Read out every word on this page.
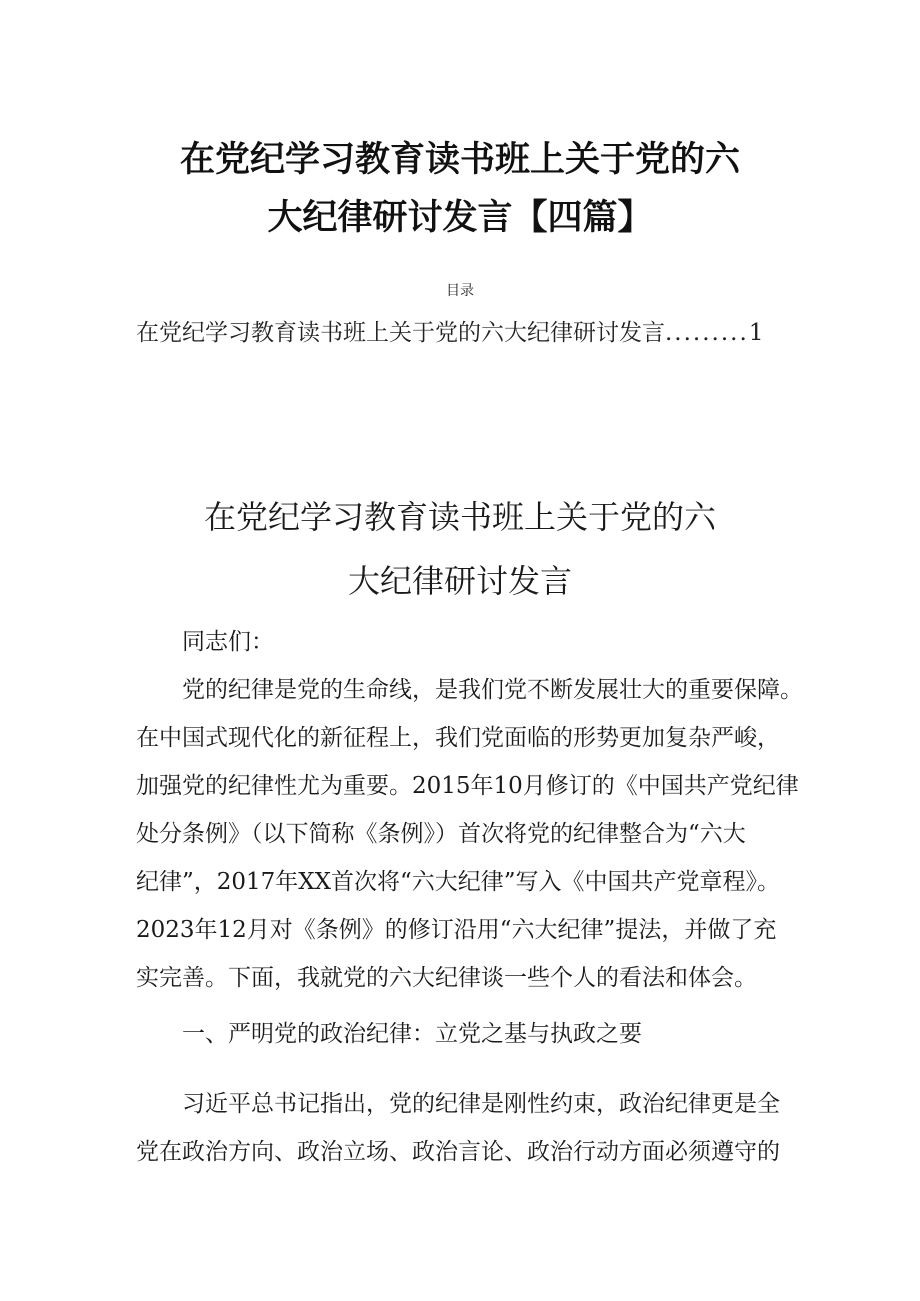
在党纪学习教育读书班上关于党的六
大纪律研讨发言【四篇】
目录
在党纪学习教育读书班上关于党的六大纪律研讨发言 ......... 1
在党纪学习教育读书班上关于党的六
大纪律研讨发言
同志们：
党的纪律是党的生命线，是我们党不断发展壮大的重要保障。
在中国式现代化的新征程上，我们党面临的形势更加复杂严峻，
加强党的纪律性尤为重要。2015年10月修订的《中国共产党纪律
处分条例》（以下简称《条例》）首次将党的纪律整合为“六大
纪律”，2017年XX首次将“六大纪律”写入《中国共产党章程》。
2023年12月对《条例》的修订沿用“六大纪律”提法，并做了充
实完善。下面，我就党的六大纪律谈一些个人的看法和体会。
一、严明党的政治纪律：立党之基与执政之要
习近平总书记指出，党的纪律是刚性约束，政治纪律更是全
党在政治方向、政治立场、政治言论、政治行动方面必须遵守的
